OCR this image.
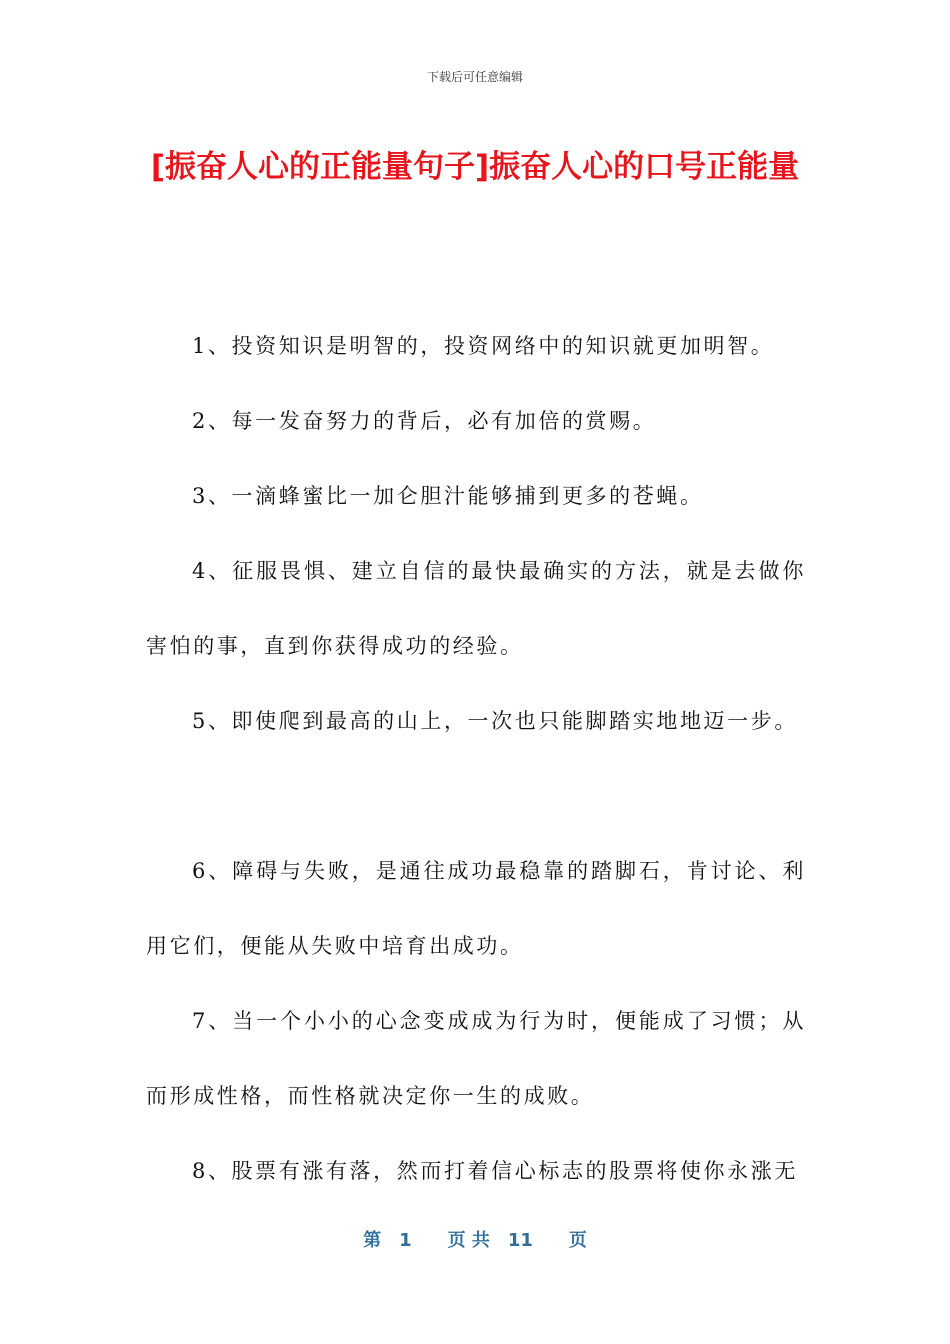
下载后可任意编辑
[振奋人心的正能量句子]振奋人心的口号正能量

1、投资知识是明智的，投资网络中的知识就更加明智。

2、每一发奋努力的背后，必有加倍的赏赐。

3、一滴蜂蜜比一加仑胆汁能够捕到更多的苍蝇。

4、征服畏惧、建立自信的最快最确实的方法，就是去做你害怕的事，直到你获得成功的经验。

5、即使爬到最高的山上，一次也只能脚踏实地地迈一步。

6、障碍与失败，是通往成功最稳靠的踏脚石，肯讨论、利用它们，便能从失败中培育出成功。

7、当一个小小的心念变成成为行为时，便能成了习惯；从而形成性格，而性格就决定你一生的成败。

8、股票有涨有落，然而打着信心标志的股票将使你永涨无

第　1　　页 共　11　　页
